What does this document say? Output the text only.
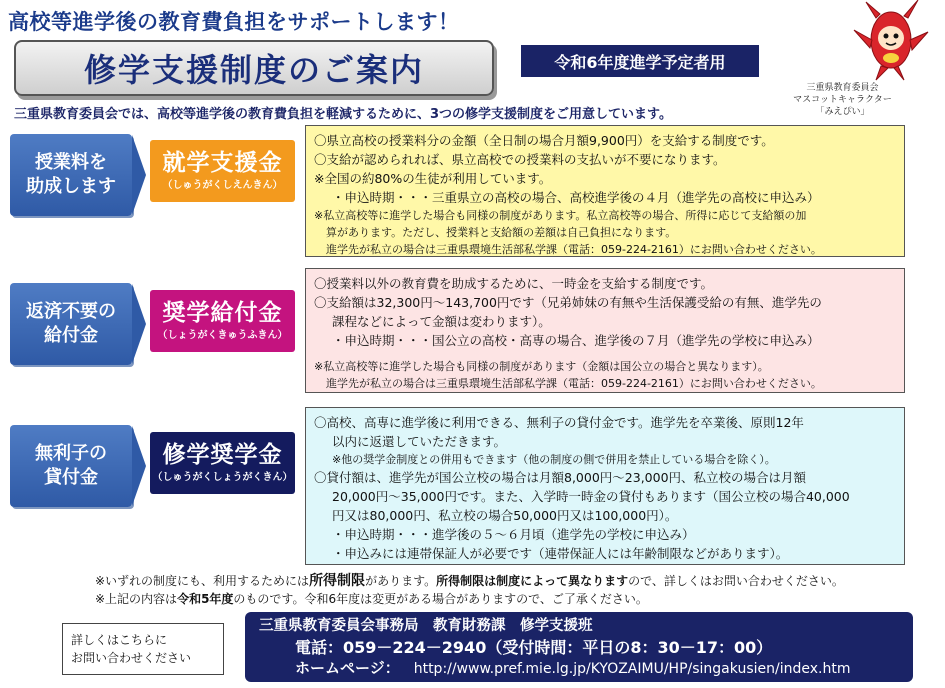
高校等進学後の教育費負担をサポートします！
三重県教育委員会
マスコットキャラクター
「みえぴい」
修学支援制度のご案内	令和6年度進学予定者用
三重県教育委員会では、高校等進学後の教育費負担を軽減するために、3つの修学支援制度をご用意しています。
授業料を
助成します
就学支援金
（しゅうがくしえんきん）
〇県立高校の授業料分の金額（全日制の場合月額9,900円）を支給する制度です。
〇支給が認められれば、県立高校での授業料の支払いが不要になります。
※全国の約80%の生徒が利用しています。
・申込時期・・・三重県立の高校の場合、高校進学後の４月（進学先の高校に申込み）
※私立高校等に進学した場合も同様の制度があります。私立高校等の場合、所得に応じて支給額の加
算があります。ただし、授業料と支給額の差額は自己負担になります。
進学先が私立の場合は三重県環境生活部私学課（電話：059-224-2161）にお問い合わせください。
返済不要の
給付金
奨学給付金
（しょうがくきゅうふきん）
〇授業料以外の教育費を助成するために、一時金を支給する制度です。
〇支給額は32,300円～143,700円です（兄弟姉妹の有無や生活保護受給の有無、進学先の
課程などによって金額は変わります）。
・申込時期・・・国公立の高校・高専の場合、進学後の７月（進学先の学校に申込み）
※私立高校等に進学した場合も同様の制度があります（金額は国公立の場合と異なります）。
進学先が私立の場合は三重県環境生活部私学課（電話：059-224-2161）にお問い合わせください。
無利子の
貸付金
修学奨学金
（しゅうがくしょうがくきん）
〇高校、高専に進学後に利用できる、無利子の貸付金です。進学先を卒業後、原則12年
以内に返還していただきます。
※他の奨学金制度との併用もできます（他の制度の側で併用を禁止している場合を除く）。
〇貸付額は、進学先が国公立校の場合は月額8,000円～23,000円、私立校の場合は月額
20,000円～35,000円です。また、入学時一時金の貸付もあります（国公立校の場合40,000
円又は80,000円、私立校の場合50,000円又は100,000円）。
・申込時期・・・進学後の５～６月頃（進学先の学校に申込み）
・申込みには連帯保証人が必要です（連帯保証人には年齢制限などがあります）。
※いずれの制度にも、利用するためには所得制限があります。所得制限は制度によって異なりますので、詳しくはお問い合わせください。
※上記の内容は令和5年度のものです。令和6年度は変更がある場合がありますので、ご了承ください。
詳しくはこちらに
お問い合わせください
三重県教育委員会事務局　教育財務課　修学支援班
電話：059－224－2940（受付時間：平日の8：30－17：00）
ホームページ： http://www.pref.mie.lg.jp/KYOZAIMU/HP/singakusien/index.htm
